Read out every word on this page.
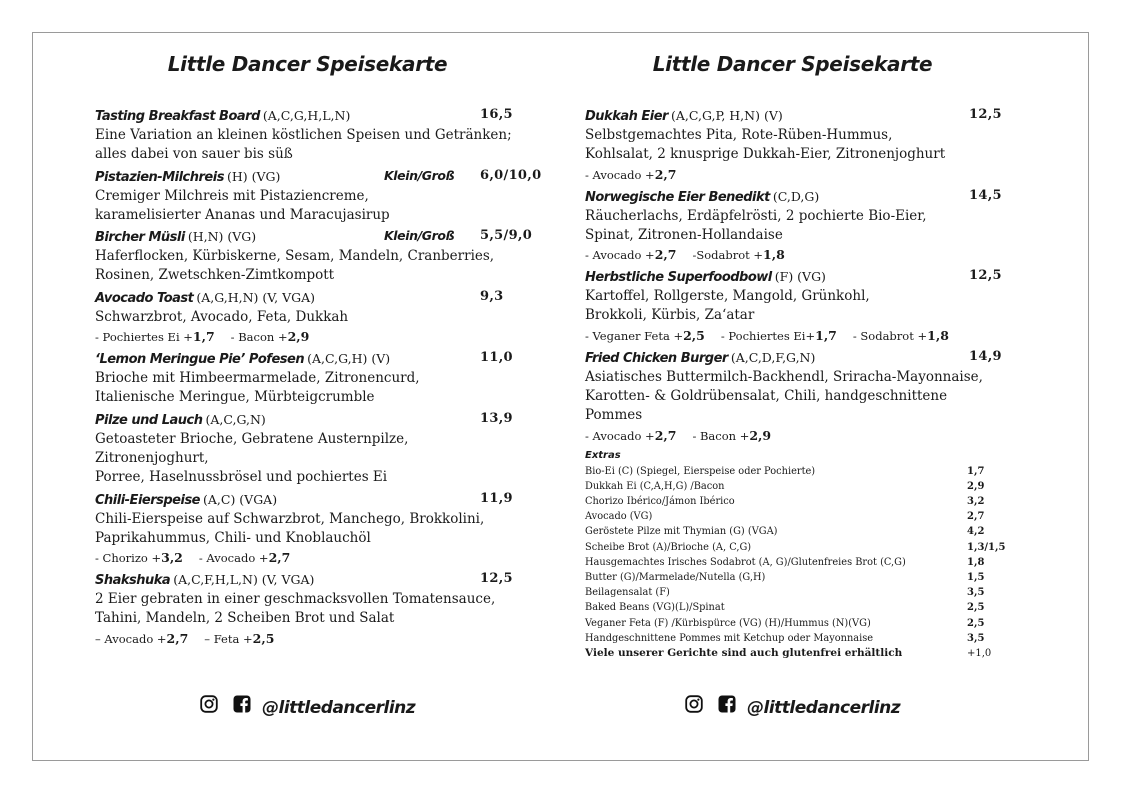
Little Dancer Speisekarte
Tasting Breakfast Board (A,C,G,H,L,N)	16,5
Eine Variation an kleinen köstlichen Speisen und Getränken;
alles dabei von sauer bis süß
Pistazien-Milchreis (H) (VG)	Klein/Groß 6,0/10,0
Cremiger Milchreis mit Pistaziencreme,
karamelisierter Ananas und Maracujasirup
Bircher Müsli (H,N) (VG)	Klein/Groß 5,5/9,0
Haferflocken, Kürbiskerne, Sesam, Mandeln, Cranberries,
Rosinen, Zwetschken-Zimtkompott
Avocado Toast (A,G,H,N) (V, VGA)	9,3
Schwarzbrot, Avocado, Feta, Dukkah
- Pochiertes Ei +1,7 - Bacon +2,9
‘Lemon Meringue Pie’ Pofesen (A,C,G,H) (V)	11,0
Brioche mit Himbeermarmelade, Zitronencurd,
Italienische Meringue, Mürbteigcrumble
Pilze und Lauch (A,C,G,N)	13,9
Getoasteter Brioche, Gebratene Austernpilze, Zitronenjoghurt,
Porree, Haselnussbrösel und pochiertes Ei
Chili-Eierspeise (A,C) (VGA)	11,9
Chili-Eierspeise auf Schwarzbrot, Manchego, Brokkolini,
Paprikahummus, Chili- und Knoblauchöl
- Chorizo +3,2 - Avocado +2,7
Shakshuka (A,C,F,H,L,N) (V, VGA)	12,5
2 Eier gebraten in einer geschmacksvollen Tomatensauce,
Tahini, Mandeln, 2 Scheiben Brot und Salat
– Avocado +2,7 – Feta +2,5
@littledancerlinz
Little Dancer Speisekarte
Dukkah Eier (A,C,G,P, H,N) (V)	12,5
Selbstgemachtes Pita, Rote-Rüben-Hummus,
Kohlsalat, 2 knusprige Dukkah-Eier, Zitronenjoghurt
- Avocado +2,7
Norwegische Eier Benedikt (C,D,G)	14,5
Räucherlachs, Erdäpfelrösti, 2 pochierte Bio-Eier,
Spinat, Zitronen-Hollandaise
- Avocado +2,7 -Sodabrot +1,8
Herbstliche Superfoodbowl (F) (VG)	12,5
Kartoffel, Rollgerste, Mangold, Grünkohl,
Brokkoli, Kürbis, Za‘atar
- Veganer Feta +2,5 - Pochiertes Ei+1,7 - Sodabrot +1,8
Fried Chicken Burger (A,C,D,F,G,N)	14,9
Asiatisches Buttermilch-Backhendl, Sriracha-Mayonnaise,
Karotten- & Goldrübensalat, Chili, handgeschnittene Pommes
- Avocado +2,7 - Bacon +2,9
Extras
Bio-Ei (C) (Spiegel, Eierspeise oder Pochierte)	1,7
Dukkah Ei (C,A,H,G) /Bacon	2,9
Chorizo Ibérico/Jámon Ibérico	3,2
Avocado (VG)	2,7
Geröstete Pilze mit Thymian (G) (VGA)	4,2
Scheibe Brot (A)/Brioche (A, C,G)	1,3/1,5
Hausgemachtes Irisches Sodabrot (A, G)/Glutenfreies Brot (C,G)	1,8
Butter (G)/Marmelade/Nutella (G,H)	1,5
Beilagensalat (F)	3,5
Baked Beans (VG)(L)/Spinat	2,5
Veganer Feta (F) /Kürbispürce (VG) (H)/Hummus (N)(VG)	2,5
Handgeschnittene Pommes mit Ketchup oder Mayonnaise	3,5
Viele unserer Gerichte sind auch glutenfrei erhältlich	+1,0
@littledancerlinz
